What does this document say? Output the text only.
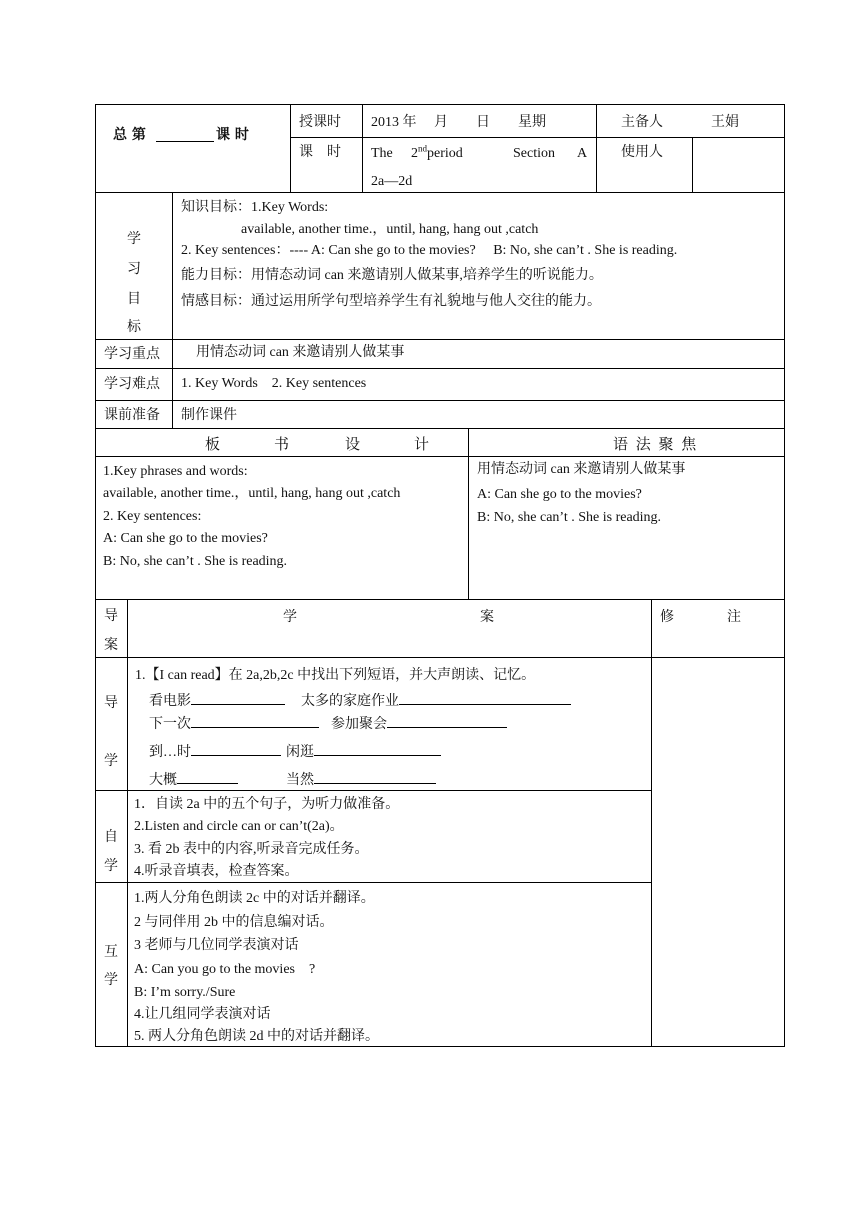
总 第	课 时
授课时 2013 年　 月　　日　　星期	主备人	王娟
课　时 The 2ndperiod	Section A
2a—2d
使用人
学
习
目
标
知识目标：1.Key Words:
available, another time.，until, hang, hang out ,catch
2. Key sentences：---- A: Can she go to the movies?　 B: No, she can’t . She is reading.
能力目标：用情态动词 can 来邀请别人做某事,培养学生的听说能力。
情感目标：通过运用所学句型培养学生有礼貌地与他人交往的能力。
学习重点	用情态动词 can 来邀请别人做某事
学习难点 1. Key Words　2. Key sentences
课前准备 制作课件
板	书	设	计
1.Key phrases and words:
available, another time.，until, hang, hang out ,catch
2. Key sentences:
A: Can she go to the movies?
B: No, she can’t . She is reading.
语 法 聚 焦
用情态动词 can 来邀请别人做某事
A: Can she go to the movies?
B: No, she can’t . She is reading.
导
案
学	案	修	注
导
学
1.【I can read】在 2a,2b,2c 中找出下列短语，并大声朗读、记忆。
看电影	太多的家庭作业
下一次	参加聚会
到…时	闲逛
大概	当然
自
学
1．自读 2a 中的五个句子，为听力做准备。
2.Listen and circle can or can’t(2a)。
3. 看 2b 表中的内容,听录音完成任务。
4.听录音填表，检查答案。
互
学
1.两人分角色朗读 2c 中的对话并翻译。
2 与同伴用 2b 中的信息编对话。
3 老师与几位同学表演对话
A: Can you go to the movies　?
B: I’m sorry./Sure
4.让几组同学表演对话
5. 两人分角色朗读 2d 中的对话并翻译。
